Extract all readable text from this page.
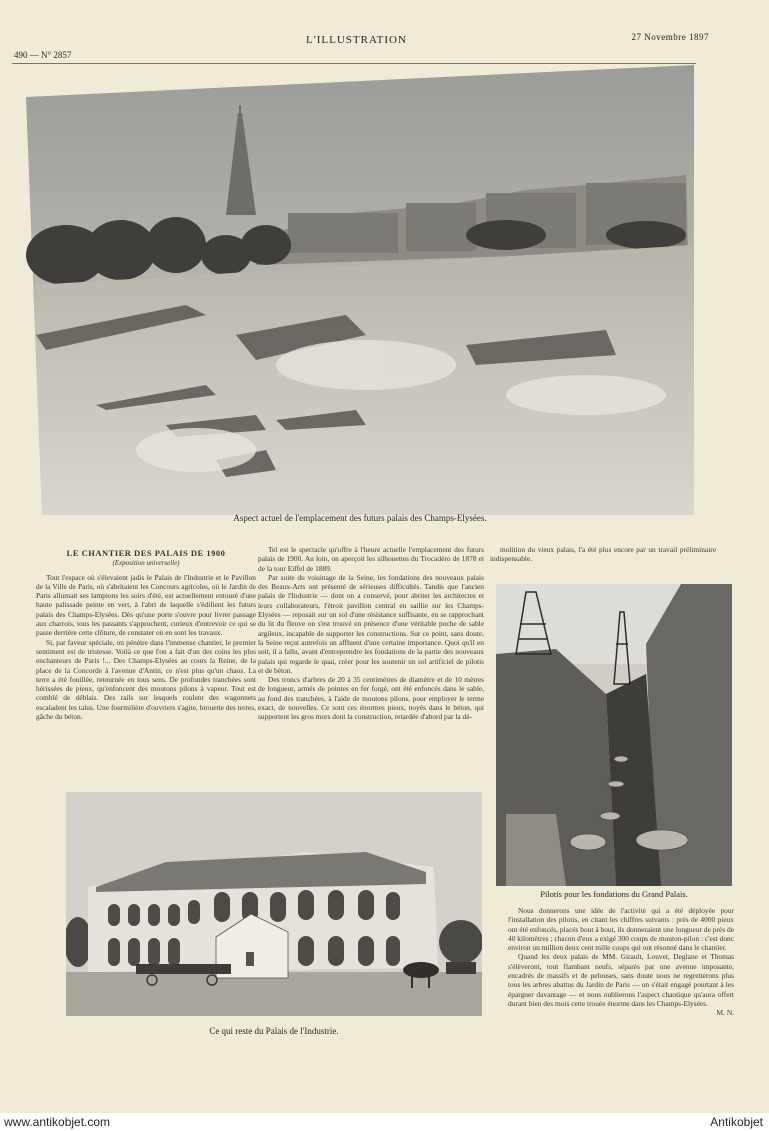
490 — N° 2857
L'ILLUSTRATION	27 Novembre 1897
Aspect actuel de l'emplacement des futurs palais des Champs-Elysées.
LE CHANTIER DES PALAIS DE 1900
(Exposition universelle)

Tout l'espace où s'élevaient jadis le Palais de l'Industrie et le Pavillon de la Ville de Paris, où s'abritaient les Concours agricoles, où le Jardin de Paris allumait ses lampions les soirs d'été, est actuellement entouré d'une haute palissade peinte en vert, à l'abri de laquelle s'édifient les futurs palais des Champs-Elysées. Dès qu'une porte s'ouvre pour livrer passage aux charrois, tous les passants s'approchent, curieux d'entrevoir ce qui se passe derrière cette clôture, de constater où en sont les travaux.

Si, par faveur spéciale, on pénètre dans l'immense chantier, le premier sentiment est de tristesse. Voilà ce que l'on a fait d'un des coins les plus enchanteurs de Paris !... Des Champs-Elysées au cours la Reine, de la place de la Concorde à l'avenue d'Antin, ce n'est plus qu'un chaos. La terre a été fouillée, retournée en tous sens. De profondes tranchées sont hérissées de pieux, qu'enfoncent des moutons pilons à vapeur. Tout est comblé de déblais. Des rails sur lesquels roulent des wagonnets escaladent les talus. Une fourmilière d'ouvriers s'agite, brouette des terres, gâche du béton.

Tel est le spectacle qu'offre à l'heure actuelle l'emplacement des futurs palais de 1900. Au loin, on aperçoit les silhouettes du Trocadéro de 1878 et de la tour Eiffel de 1889.

Par suite du voisinage de la Seine, les fondations des nouveaux palais des Beaux-Arts ont présenté de sérieuses difficultés. Tandis que l'ancien palais de l'Industrie — dont on a conservé, pour abriter les architectes et leurs collaborateurs, l'étroit pavillon central en saillie sur les Champs-Elysées — reposait sur un sol d'une résistance suffisante, en se rapprochant du lit du fleuve on s'est trouvé en présence d'une véritable poche de sable argileux, incapable de supporter les constructions. Sur ce point, sans doute, la Seine reçut autrefois un affluent d'une certaine importance. Quoi qu'il en soit, il a fallu, avant d'entreprendre les fondations de la partie des nouveaux palais qui regarde le quai, créer pour les soutenir un sol artificiel de pilotis et de béton.

Des troncs d'arbres de 20 à 35 centimètres de diamètre et de 10 mètres de longueur, armés de pointes en fer forgé, ont été enfoncés dans le sable, au fond des tranchées, à l'aide de moutons pilons, pour employer le terme exact, de nouvelles. Ce sont ces énormes pieux, noyés dans le béton, qui supportent les gros murs dont la construction, retardée d'abord par la dé-

molition du vieux palais, l'a été plus encore par un travail préliminaire indispensable.

Pilotis pour les fondations du Grand Palais.

Nous donnerons une idée de l'activité qui a été déployée pour l'installation des pilotis, en citant les chiffres suivants : près de 4000 pieux ont été enfoncés, placés bout à bout, ils donneraient une longueur de près de 40 kilomètres ; chacun d'eux a exigé 300 coups de mouton-pilon : c'est donc environ un million deux cent mille coups qui ont résonné dans le chantier.

Quand les deux palais de MM. Girault, Louvet, Deglane et Thomas s'élèveront, tout flambant neufs, séparés par une avenue imposante, encadrés de massifs et de pelouses, sans doute nous ne regretterons plus tous les arbres abattus du Jardin de Paris — on s'était engagé pourtant à les épargner davantage — et nous oublierons l'aspect chaotique qu'aura offert durant bien des mois cette trouée énorme dans les Champs-Elysées.

M. N.
Ce qui reste du Palais de l'Industrie.
www.antikobjet.com	Antikobjet
